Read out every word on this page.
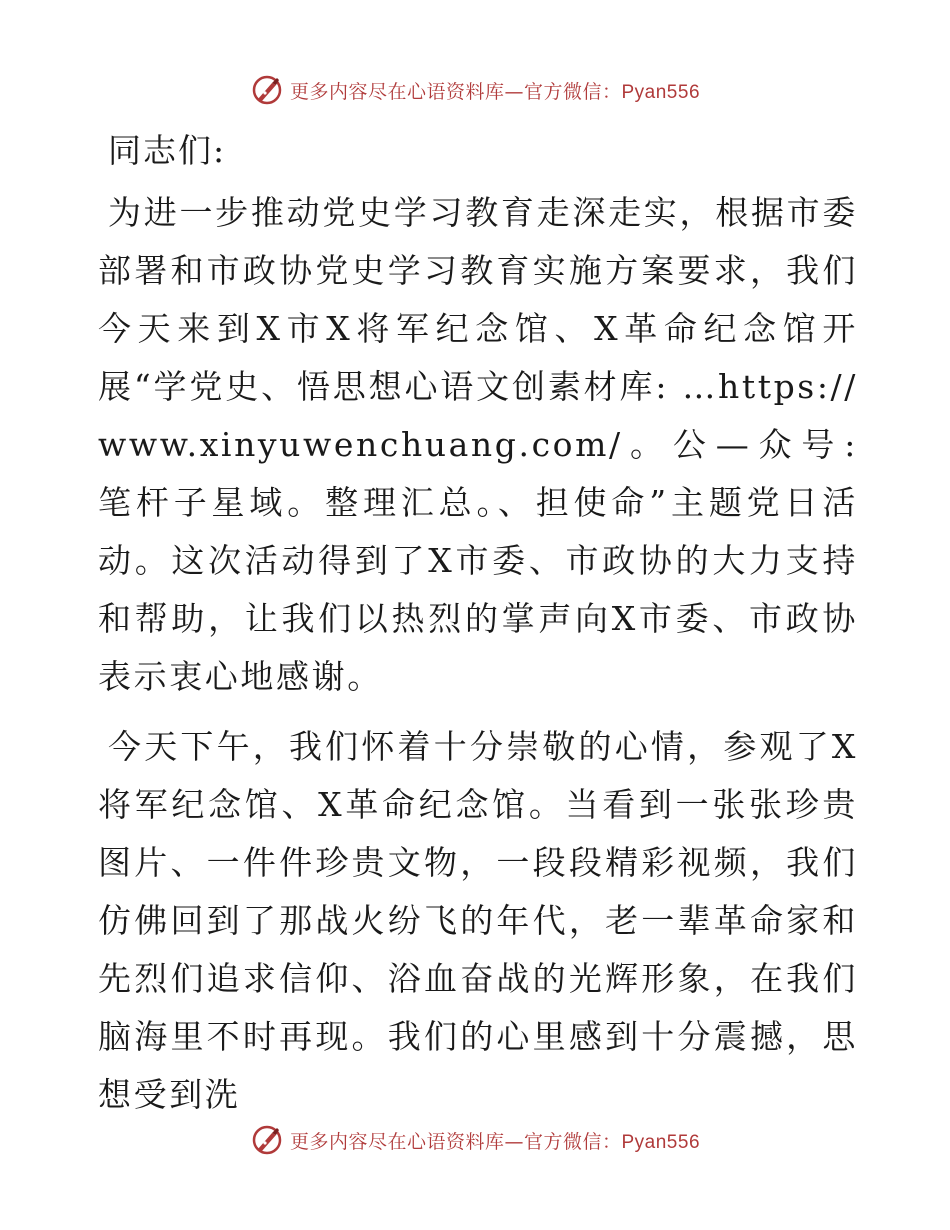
更多内容尽在心语资料库—官方微信：Pyan556
同志们:

为进一步推动党史学习教育走深走实，根据市委部署和市政协党史学习教育实施方案要求，我们今天来到X市X将军纪念馆、X革命纪念馆开展“学党史、悟思想心语文创素材库: …https://www.xinyuwenchuang.com/。公—众号: 笔杆子星域。整理汇总。、担使命”主题党日活动。这次活动得到了X市委、市政协的大力支持和帮助，让我们以热烈的掌声向X市委、市政协表示衷心地感谢。

今天下午，我们怀着十分崇敬的心情，参观了X将军纪念馆、X革命纪念馆。当看到一张张珍贵图片、一件件珍贵文物，一段段精彩视频，我们仿佛回到了那战火纷飞的年代，老一辈革命家和先烈们追求信仰、浴血奋战的光辉形象，在我们脑海里不时再现。我们的心里感到十分震撼，思想受到洗

更多内容尽在心语资料库—官方微信：Pyan556
